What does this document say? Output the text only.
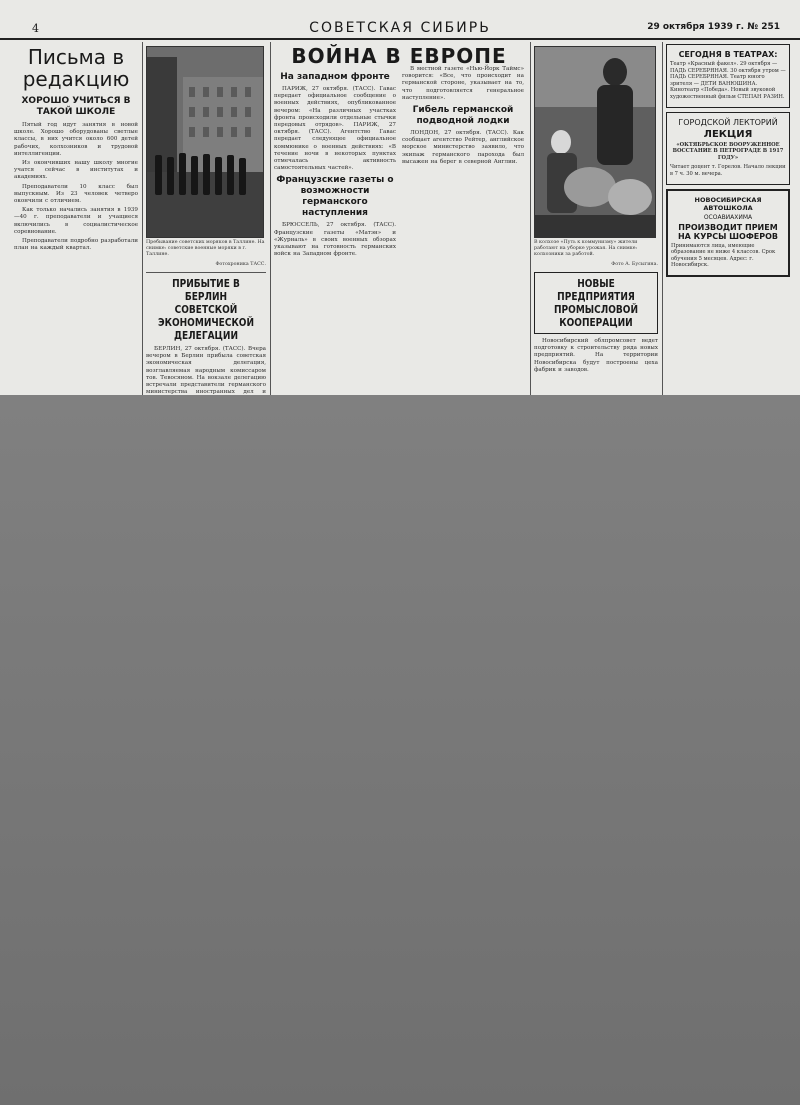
4	СОВЕТСКАЯ СИБИРЬ	29 октября 1939 г. № 251
Письма в редакцию
ХОРОШО УЧИТЬСЯ В ТАКОЙ ШКОЛЕ

Пятый год идут занятия в новой школе. Хорошо оборудованы светлые классы, в них учится около 600 детей рабочих, колхозников и трудовой интеллигенции.

Из окончивших нашу школу многие учатся сейчас в институтах и академиях.

Преподаватели 10 класс был выпускным. Из 23 человек четверо окончили с отличием.

Как только начались занятия в 1939—40 г. преподаватели и учащиеся включились в социалистическое соревнование.

Преподаватели подробно разработали план на каждый квартал.

Пребывание советских моряков в Таллине. На снимке: советские военные моряки в г. Таллине.

Фотохроника ТАСС.

ПРИБЫТИЕ В БЕРЛИН СОВЕТСКОЙ ЭКОНОМИЧЕСКОЙ ДЕЛЕГАЦИИ

БЕРЛИН, 27 октября. (ТАСС). Вчера вечером в Берлин прибыла советская экономическая делегация, возглавляемая народным комиссаром тов. Тевосяном. На вокзале делегацию встречали представители германского министерства иностранных дел и

ВОЙНА В ЕВРОПЕ
На западном фронте

ПАРИЖ, 27 октября. (ТАСС). Гавас передает официальное сообщение о военных действиях, опубликованное вечером: «На различных участках фронта происходили отдельные стычки передовых отрядов». ПАРИЖ, 27 октября. (ТАСС). Агентство Гавас передает следующее официальное коммюнике о военных действиях: «В течение ночи в некоторых пунктах отмечалась активность самостоятельных частей».

Французские газеты о возможности германского наступления

БРЮССЕЛЬ, 27 октября. (ТАСС). Французские газеты «Матэн» и «Журналь» в своих военных обзорах указывают на готовность германских войск на Западном фронте.

В местной газете «Нью-Йорк Таймс» говорится: «Все, что происходит на германской стороне, указывает на то, что подготовляется генеральное наступление».

Гибель германской подводной лодки

ЛОНДОН, 27 октября. (ТАСС). Как сообщает агентство Рейтер, английское морское министерство заявило, что экипаж германского парохода был высажен на берег в северной Англии.

В колхозе «Путь к коммунизму» жители работают на уборке урожая. На снимке: колхозники за работой.

Фото А. Бусыгина.

НОВЫЕ ПРЕДПРИЯТИЯ ПРОМЫСЛОВОЙ КООПЕРАЦИИ

Новосибирский облпромсовет ведет подготовку к строительству ряда новых предприятий. На территории Новосибирска будут построены цеха фабрик и заводов.

СЕГОДНЯ В ТЕАТРАХ:

Театр «Красный факел». 29 октября — ПАДЬ СЕРЕБРЯНАЯ. 30 октября утром — ПАДЬ СЕРЕБРЯНАЯ. Театр юного зрителя — ДЕТИ ВАНЮШИНА. Кинотеатр «Победа». Новый звуковой художественный фильм СТЕПАН РАЗИН.

ГОРОДСКОЙ ЛЕКТОРИЙ
ЛЕКЦИЯ

«ОКТЯБРЬСКОЕ ВООРУЖЕННОЕ ВОССТАНИЕ В ПЕТРОГРАДЕ В 1917 ГОДУ»

Читает доцент т. Горелов. Начало лекции в 7 ч. 30 м. вечера.

НОВОСИБИРСКАЯ АВТОШКОЛА
ОСОАВИАХИМА
ПРОИЗВОДИТ ПРИЕМ НА КУРСЫ ШОФЕРОВ

Принимаются лица, имеющие образование не ниже 4 классов. Срок обучения 5 месяцев. Адрес: г. Новосибирск.
